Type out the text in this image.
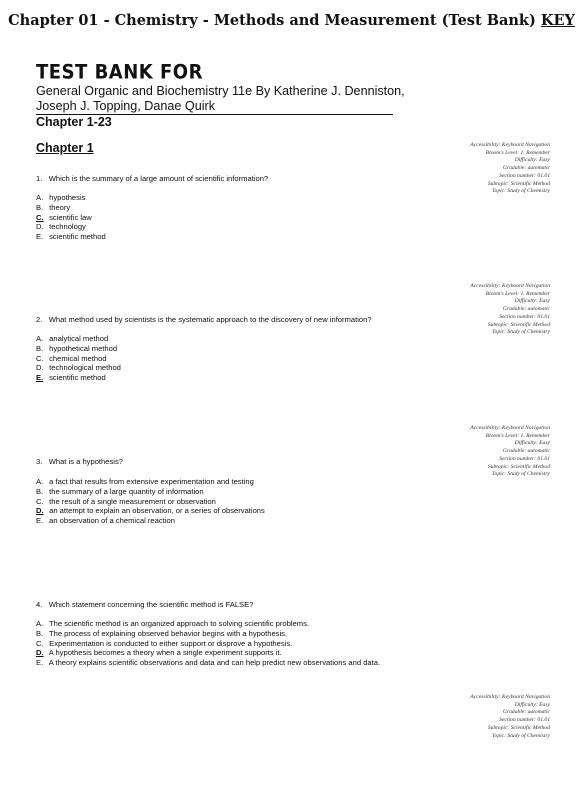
Chapter 01 - Chemistry - Methods and Measurement (Test Bank) KEY
TEST BANK FOR
General Organic and Biochemistry 11e By Katherine J. Denniston, Joseph J. Topping, Danae Quirk
Chapter 1-23
Chapter 1	Accessibility: Keyboard Navigation
Bloom's Level: 1. Remember
Difficulty: Easy
Gradable: automatic
Section number: 01.01
Subtopic: Scientific Method
Topic: Study of Chemistry
1. Which is the summary of a large amount of scientific information?
A. hypothesis
B. theory
C. scientific law
D. technology
E. scientific method
Accessibility: Keyboard Navigation
Bloom's Level: 1. Remember
Difficulty: Easy
Gradable: automatic
Section number: 01.01
Subtopic: Scientific Method
Topic: Study of Chemistry
2. What method used by scientists is the systematic approach to the discovery of new information?
A. analytical method
B. hypothetical method
C. chemical method
D. technological method
E. scientific method
Accessibility: Keyboard Navigation
Bloom's Level: 1. Remember
Difficulty: Easy
Gradable: automatic
Section number: 01.01
Subtopic: Scientific Method
Topic: Study of Chemistry
3. What is a hypothesis?
A. a fact that results from extensive experimentation and testing
B. the summary of a large quantity of information
C. the result of a single measurement or observation
D. an attempt to explain an observation, or a series of observations
E. an observation of a chemical reaction
4. Which statement concerning the scientific method is FALSE?
A. The scientific method is an organized approach to solving scientific problems.
B. The process of explaining observed behavior begins with a hypothesis.
C. Experimentation is conducted to either support or disprove a hypothesis.
D. A hypothesis becomes a theory when a single experiment supports it.
E. A theory explains scientific observations and data and can help predict new observations and data.
Accessibility: Keyboard Navigation
Difficulty: Easy
Gradable: automatic
Section number: 01.01
Subtopic: Scientific Method
Topic: Study of Chemistry
